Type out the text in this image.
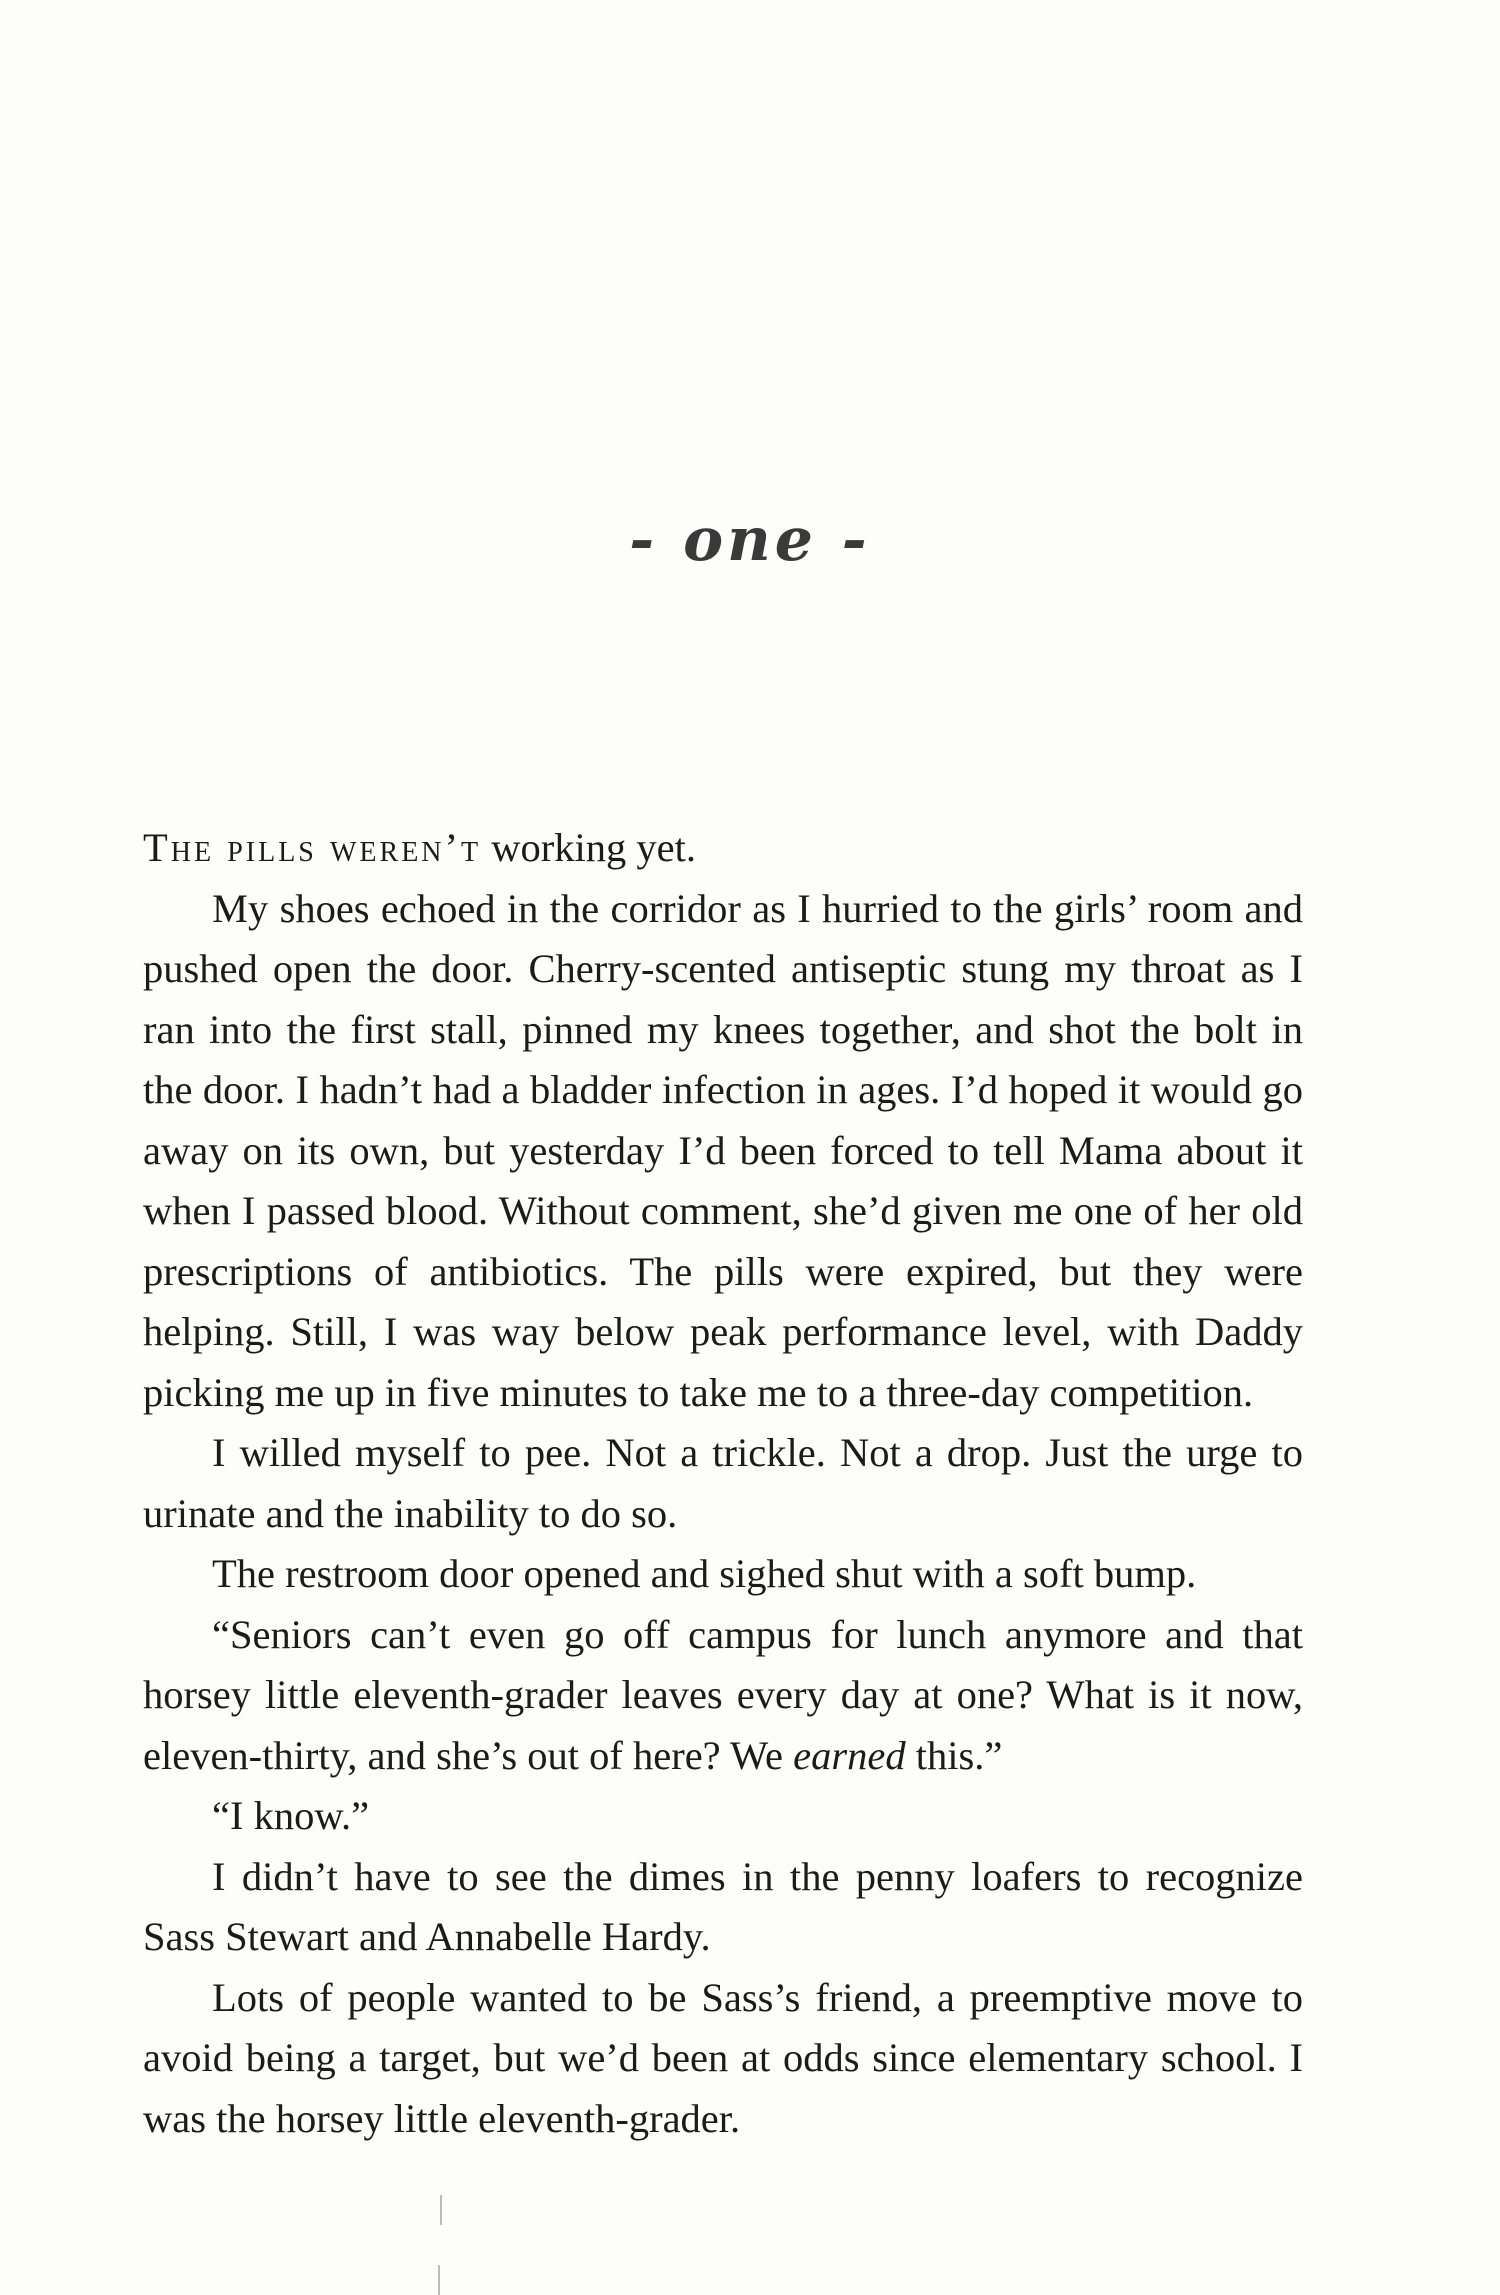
- one -

The pills weren’t working yet.

My shoes echoed in the corridor as I hurried to the girls’ room and pushed open the door. Cherry-scented antiseptic stung my throat as I ran into the first stall, pinned my knees together, and shot the bolt in the door. I hadn’t had a bladder infection in ages. I’d hoped it would go away on its own, but yesterday I’d been forced to tell Mama about it when I passed blood. Without comment, she’d given me one of her old prescriptions of antibiotics. The pills were expired, but they were helping. Still, I was way below peak performance level, with Daddy picking me up in five minutes to take me to a three-day competition.

I willed myself to pee. Not a trickle. Not a drop. Just the urge to urinate and the inability to do so.

The restroom door opened and sighed shut with a soft bump.

“Seniors can’t even go off campus for lunch anymore and that horsey little eleventh-grader leaves every day at one? What is it now, eleven-thirty, and she’s out of here? We earned this.”

“I know.”

I didn’t have to see the dimes in the penny loafers to recognize Sass Stewart and Annabelle Hardy.

Lots of people wanted to be Sass’s friend, a preemptive move to avoid being a target, but we’d been at odds since elementary school. I was the horsey little eleventh-grader.
